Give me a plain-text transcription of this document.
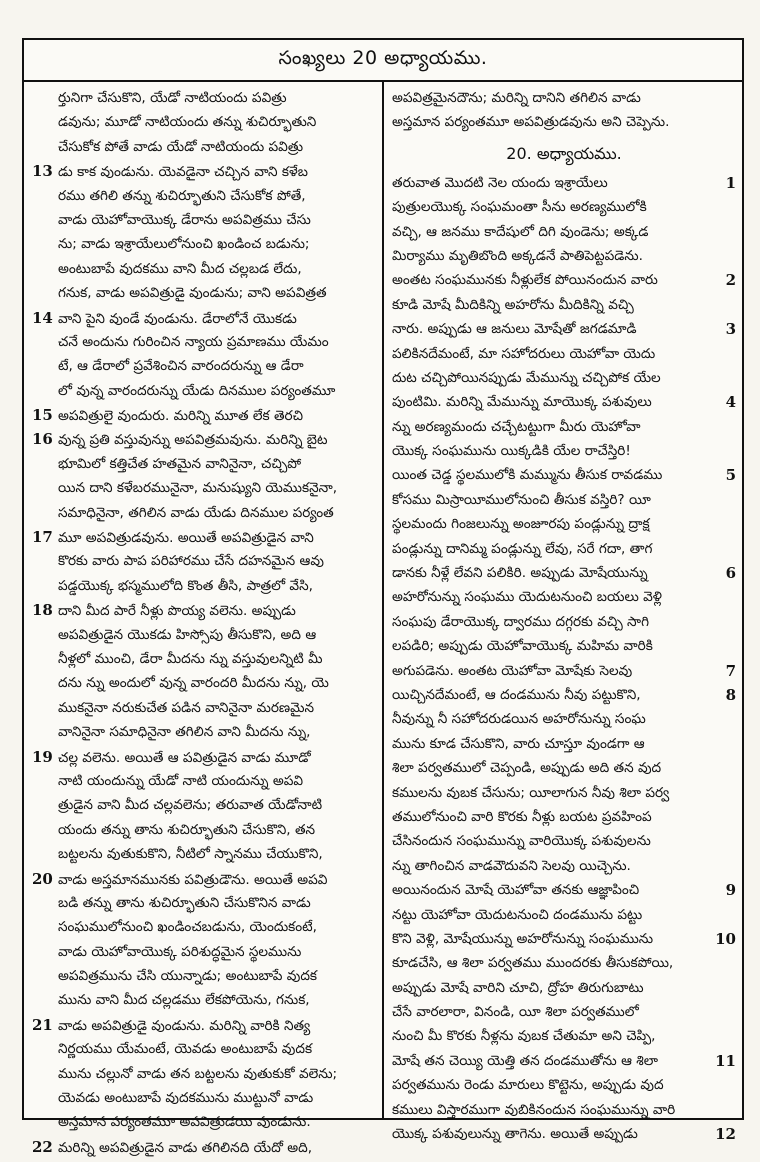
సంఖ్యలు 20 అధ్యాయము.
ర్తునిగా చేసుకొని, యేడో నాటియందు పవిత్రు
డవును; మూడో నాటియందు తన్ను శుచిర్భూతుని
చేసుకోక పోతే వాడు యేడో నాటియందు పవిత్రు
13 డు కాక వుండును. యెవడైనా చచ్చిన వాని కళేబ
రము తగిలి తన్ను శుచిర్భూతుని చేసుకోక పోతే,
వాడు యెహోవాయొక్క డేరాను అపవిత్రము చేసు
ను; వాడు ఇశ్రాయేలులోనుంచి ఖండించ బడును;
అంటుబాపే వుదకము వాని మీద చల్లబడ లేదు,
గనుక, వాడు అపవిత్రుడై వుండును; వాని అపవిత్రత
14 వాని పైని వుండే వుండును. డేరాలోనే యొకడు
చనే అందును గురించిన న్యాయ ప్రమాణము యేమం
టే, ఆ డేరాలో ప్రవేశించిన వారందరున్ను ఆ డేరా
లో వున్న వారందరున్ను యేడు దినముల పర్యంతమూ
15 అపవిత్రులై వుందురు. మరిన్ని మూత లేక తెరచి
16 వున్న ప్రతి వస్తువున్ను అపవిత్రమవును. మరిన్ని బైట
భూమిలో కత్తిచేత హతమైన వానినైనా, చచ్చిపో
యిన దాని కళేబరమునైనా, మనుష్యుని యెముకనైనా,
సమాధినైనా, తగిలిన వాడు యేడు దినముల పర్యంత
17 మూ అపవిత్రుడవును. అయితే అపవిత్రుడైన వాని
కొరకు వారు పాప పరిహారము చేసే దహనమైన ఆవు
పడ్డయొక్క భస్మములోది కొంత తీసి, పాత్రలో వేసి,
18 దాని మీద పారే నీళ్లు పొయ్య వలెను. అప్పుడు
అపవిత్రుడైన యొకడు హిస్సోపు తీసుకొని, అది ఆ
నీళ్లలో ముంచి, డేరా మీదను న్ను వస్తువులన్నిటి మీ
దను న్ను అందులో వున్న వారందరి మీదను న్ను, యె
ముకనైనా నరుకుచేత పడిన వానినైనా మరణమైన
వానినైనా సమాధినైనా తగిలిన వాని మీదను న్ను,
19 చల్ల వలెను. అయితే ఆ పవిత్రుడైన వాడు మూడో
నాటి యందున్ను యేడో నాటి యందున్ను అపవి
త్రుడైన వాని మీద చల్లవలెను; తరువాత యేడోనాటి
యందు తన్ను తాను శుచిర్భూతుని చేసుకొని, తన
బట్టలను వుతుకుకొని, నీటిలో స్నానము చేయుకొని,
20 వాడు అస్తమానమునకు పవిత్రుడౌను. అయితే అపవి
బడి తన్ను తాను శుచిర్భూతుని చేసుకొనిన వాడు
సంఘములోనుంచి ఖండించబడును, యెందుకంటే,
వాడు యెహోవాయొక్క పరిశుద్ధమైన స్థలమును
అపవిత్రమును చేసి యున్నాడు; అంటుబాపే వుదక
మును వాని మీద చల్లడము లేకపోయెను, గనుక,
21 వాడు అపవిత్రుడై వుండును. మరిన్ని వారికి నిత్య
నిర్ణయము యేమంటే, యెవడు అంటుబాపే వుదక
మును చల్లునో వాడు తన బట్టలను వుతుకుకో వలెను;
యెవడు అంటుబాపే వుదకమును ముట్టునో వాడు
అస్తమాన పర్యంతమూ అపవిత్రుడయి వుండును.
22 మరిన్ని అపవిత్రుడైన వాడు తగిలినది యేదో అది,
అపవిత్రమైనదౌను; మరిన్ని దానిని తగిలిన వాడు
అస్తమాన పర్యంతమూ అపవిత్రుడవును అని చెప్పెను.
20. అధ్యాయము.
తరువాత మొదటి నెల యందు ఇశ్రాయేలు	1
పుత్రులయొక్క సంఘమంతా సీను అరణ్యములోకి
వచ్చి, ఆ జనము కాదేషులో దిగి వుండెను; అక్కడ
మిర్యాము మృతిబొంది అక్కడనే పాతిపెట్టపడెను.
అంతట సంఘమునకు నీళ్లులేక పోయినందున వారు	2
కూడి మోషే మీదికిన్ని అహరోను మీదికిన్ని వచ్చి
నారు. అప్పుడు ఆ జనులు మోషేతో జగడమాడి	3
పలికినదేమంటే, మా సహోదరులు యెహోవా యెదు
దుట చచ్చిపోయినప్పుడు మేమున్ను చచ్చిపోక యేల
పుంటిమి. మరిన్ని మేమున్ను మాయొక్క పశువులు	4
న్ను అరణ్యమందు చచ్చేటట్టుగా మీరు యెహోవా
యొక్క సంఘమును యిక్కడికి యేల రాచేస్తిరి!
యింత చెడ్డ స్థలములోకి మమ్మును తీసుక రావడము	5
కోసము మిస్రాయీములోనుంచి తీసుక వస్తిరి? యీ
స్థలమందు గింజలున్ను అంజూరపు పండ్లున్ను ద్రాక్ష
పండ్లున్ను దానిమ్మ పండ్లున్ను లేవు, సరే గదా, తాగ
డానకు నీళ్లే లేవని పలికిరి. అప్పుడు మోషేయున్ను	6
అహరోనున్ను సంఘము యెదుటనుంచి బయలు వెళ్లి
సంఘపు డేరాయొక్క ద్వారము దగ్గరకు వచ్చి సాగి
లపడిరి; అప్పుడు యెహోవాయొక్క మహిమ వారికి
అగుపడెను. అంతట యెహోవా మోషేకు సెలవు	7
యిచ్చినదేమంటే, ఆ దండమును నీవు పట్టుకొని,	8
నీవున్ను నీ సహోదరుడయిన అహరోనున్ను సంఘ
మును కూడ చేసుకొని, వారు చూస్తూ వుండగా ఆ
శిలా పర్వతములో చెప్పండి, అప్పుడు అది తన వుద
కములను వుబక చేసును; యీలాగున నీవు శిలా పర్వ
తములోనుంచి వారి కొరకు నీళ్లు బయట ప్రవహింప
చేసినందున సంఘమున్ను వారియొక్క పశువులను
న్ను తాగించిన వాడవౌదువని సెలవు యిచ్చెను.
అయినందున మోషే యెహోవా తనకు ఆజ్ఞాపించి	9
నట్టు యెహోవా యెదుటనుంచి దండమును పట్టు
కొని వెళ్లి, మోషేయున్ను అహరోనున్ను సంఘమును	10
కూడచేసి, ఆ శిలా పర్వతము ముందరకు తీసుకపోయి,
అప్పుడు మోషే వారిని చూచి, ద్రోహ తిరుగుబాటు
చేసే వారలారా, వినండి, యీ శిలా పర్వతములో
నుంచి మీ కొరకు నీళ్లను వుబక చేతుమా అని చెప్పి,
మోషే తన చెయ్యి యెత్తి తన దండముతోను ఆ శిలా	11
పర్వతమును రెండు మారులు కొట్టెను, అప్పుడు వుద
కములు విస్తారముగా వుబికినందున సంఘమున్ను వారి
యొక్క పశువులున్ను తాగెను. అయితే అప్పుడు	12
